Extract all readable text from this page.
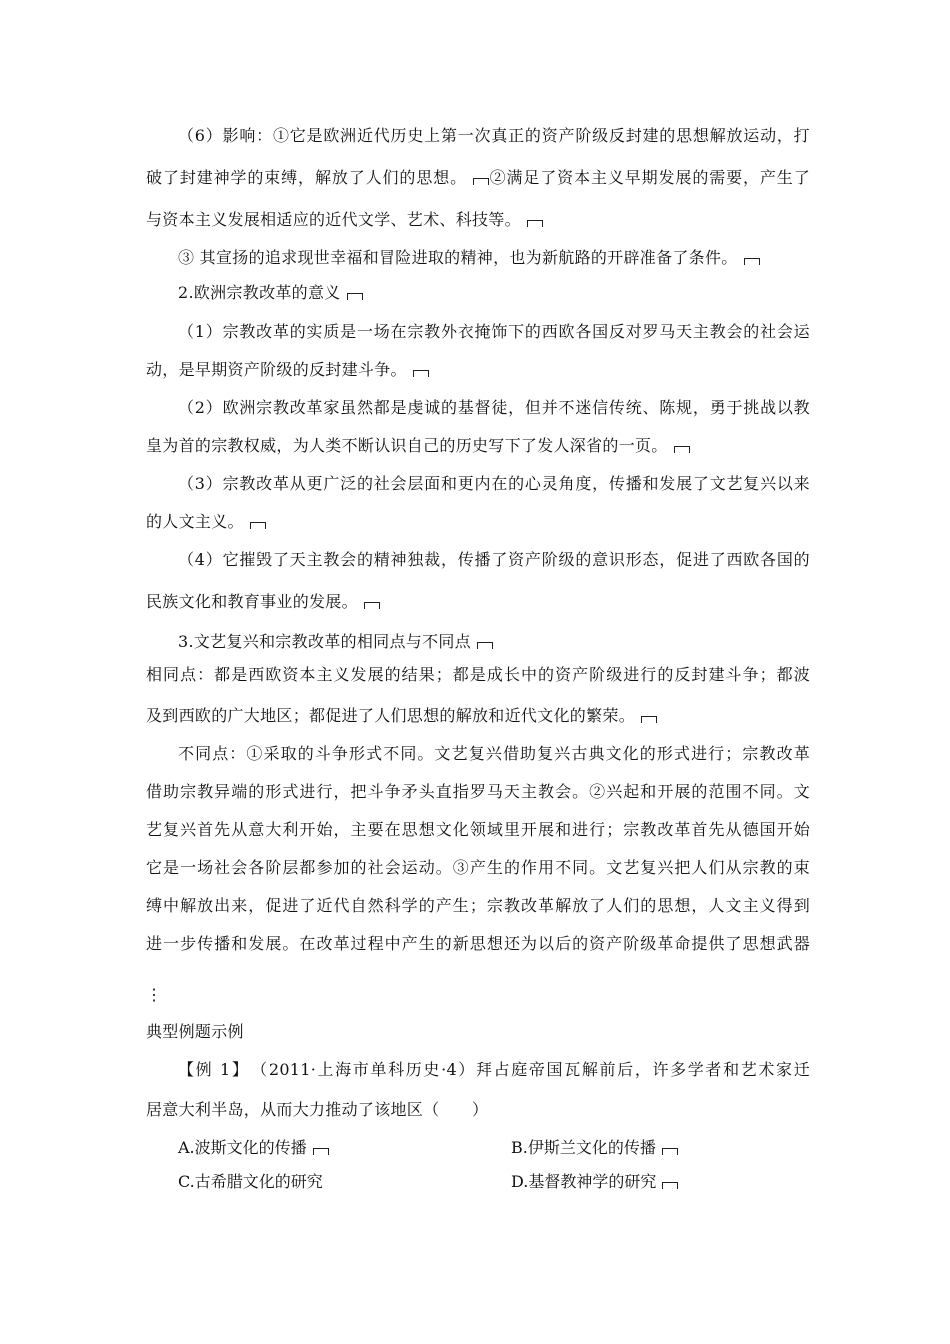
（6）影响：①它是欧洲近代历史上第一次真正的资产阶级反封建的思想解放运动，打
破了封建神学的束缚，解放了人们的思想。 ②满足了资本主义早期发展的需要，产生了
与资本主义发展相适应的近代文学、艺术、科技等。
③ 其宣扬的追求现世幸福和冒险进取的精神，也为新航路的开辟准备了条件。
2.欧洲宗教改革的意义
（1）宗教改革的实质是一场在宗教外衣掩饰下的西欧各国反对罗马天主教会的社会运
动，是早期资产阶级的反封建斗争。
（2）欧洲宗教改革家虽然都是虔诚的基督徒，但并不迷信传统、陈规，勇于挑战以教
皇为首的宗教权威，为人类不断认识自己的历史写下了发人深省的一页。
（3）宗教改革从更广泛的社会层面和更内在的心灵角度，传播和发展了文艺复兴以来
的人文主义。
（4）它摧毁了天主教会的精神独裁，传播了资产阶级的意识形态，促进了西欧各国的
民族文化和教育事业的发展。
3.文艺复兴和宗教改革的相同点与不同点
相同点：都是西欧资本主义发展的结果；都是成长中的资产阶级进行的反封建斗争；都波
及到西欧的广大地区；都促进了人们思想的解放和近代文化的繁荣。
不同点：①采取的斗争形式不同。文艺复兴借助复兴古典文化的形式进行；宗教改革
借助宗教异端的形式进行，把斗争矛头直指罗马天主教会。②兴起和开展的范围不同。文
艺复兴首先从意大利开始，主要在思想文化领域里开展和进行；宗教改革首先从德国开始
它是一场社会各阶层都参加的社会运动。③产生的作用不同。文艺复兴把人们从宗教的束
缚中解放出来，促进了近代自然科学的产生；宗教改革解放了人们的思想，人文主义得到
进一步传播和发展。在改革过程中产生的新思想还为以后的资产阶级革命提供了思想武器
⋮
典型例题示例
【例 1】　（2011·上海市单科历史·4）拜占庭帝国瓦解前后，许多学者和艺术家迁
居意大利半岛，从而大力推动了该地区（　　）
A.波斯文化的传播	B.伊斯兰文化的传播
C.古希腊文化的研究	D.基督教神学的研究
